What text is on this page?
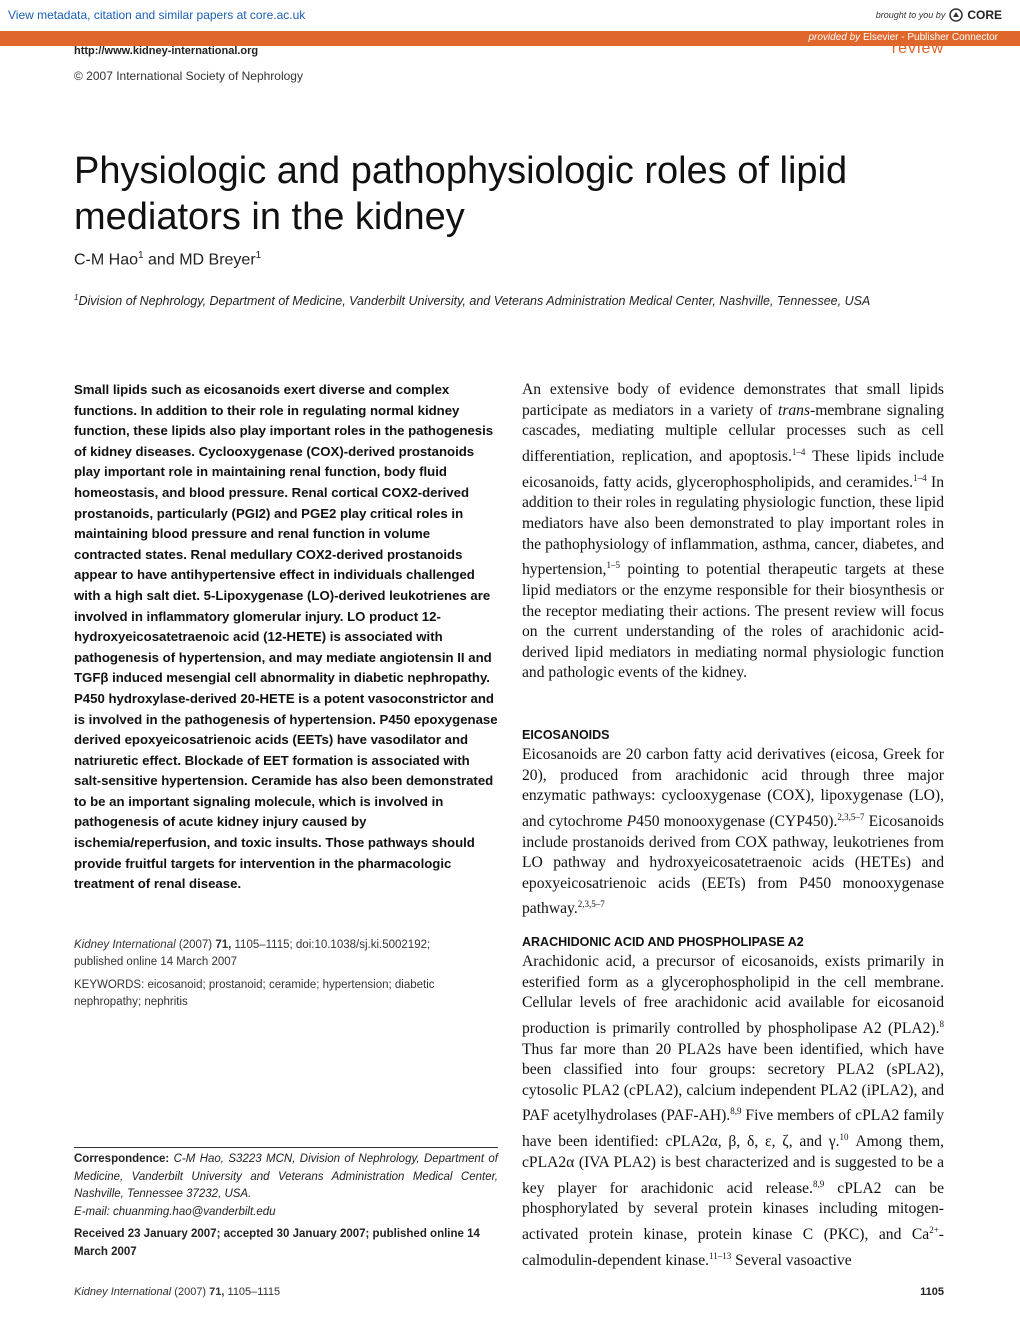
View metadata, citation and similar papers at core.ac.uk	brought to you by CORE
provided by Elsevier - Publisher Connector
http://www.kidney-international.org	review
© 2007 International Society of Nephrology
Physiologic and pathophysiologic roles of lipid mediators in the kidney
C-M Hao$^1$ and MD Breyer$^1$
$^1$Division of Nephrology, Department of Medicine, Vanderbilt University, and Veterans Administration Medical Center, Nashville, Tennessee, USA

Small lipids such as eicosanoids exert diverse and complex functions. In addition to their role in regulating normal kidney function, these lipids also play important roles in the pathogenesis of kidney diseases. Cyclooxygenase (COX)-derived prostanoids play important role in maintaining renal function, body fluid homeostasis, and blood pressure. Renal cortical COX2-derived prostanoids, particularly (PGI2) and PGE2 play critical roles in maintaining blood pressure and renal function in volume contracted states. Renal medullary COX2-derived prostanoids appear to have antihypertensive effect in individuals challenged with a high salt diet. 5-Lipoxygenase (LO)-derived leukotrienes are involved in inflammatory glomerular injury. LO product 12-hydroxyeicosatetraenoic acid (12-HETE) is associated with pathogenesis of hypertension, and may mediate angiotensin II and TGFβ induced mesengial cell abnormality in diabetic nephropathy. P450 hydroxylase-derived 20-HETE is a potent vasoconstrictor and is involved in the pathogenesis of hypertension. P450 epoxygenase derived epoxyeicosatrienoic acids (EETs) have vasodilator and natriuretic effect. Blockade of EET formation is associated with salt-sensitive hypertension. Ceramide has also been demonstrated to be an important signaling molecule, which is involved in pathogenesis of acute kidney injury caused by ischemia/reperfusion, and toxic insults. Those pathways should provide fruitful targets for intervention in the pharmacologic treatment of renal disease.

Kidney International (2007) 71, 1105–1115; doi:10.1038/sj.ki.5002192;
published online 14 March 2007
KEYWORDS: eicosanoid; prostanoid; ceramide; hypertension; diabetic nephropathy; nephritis
Correspondence: C-M Hao, S3223 MCN, Division of Nephrology, Department of Medicine, Vanderbilt University and Veterans Administration Medical Center, Nashville, Tennessee 37232, USA.
E-mail: chuanming.hao@vanderbilt.edu
Received 23 January 2007; accepted 30 January 2007; published online 14 March 2007

An extensive body of evidence demonstrates that small lipids participate as mediators in a variety of trans-membrane signaling cascades, mediating multiple cellular processes such as cell differentiation, replication, and apoptosis.$^{1-4}$ These lipids include eicosanoids, fatty acids, glycerophospholipids, and ceramides.$^{1-4}$ In addition to their roles in regulating physiologic function, these lipid mediators have also been demonstrated to play important roles in the pathophysiology of inflammation, asthma, cancer, diabetes, and hypertension,$^{1-5}$ pointing to potential therapeutic targets at these lipid mediators or the enzyme responsible for their biosynthesis or the receptor mediating their actions. The present review will focus on the current understanding of the roles of arachidonic acid-derived lipid mediators in mediating normal physiologic function and pathologic events of the kidney.

EICOSANOIDS

Eicosanoids are 20 carbon fatty acid derivatives (eicosa, Greek for 20), produced from arachidonic acid through three major enzymatic pathways: cyclooxygenase (COX), lipoxygenase (LO), and cytochrome P450 monooxygenase (CYP450).$^{2,3,5-7}$ Eicosanoids include prostanoids derived from COX pathway, leukotrienes from LO pathway and hydroxyeicosatetraenoic acids (HETEs) and epoxyeicosatrienoic acids (EETs) from P450 monooxygenase pathway.$^{2,3,5-7}$

ARACHIDONIC ACID AND PHOSPHOLIPASE A2

Arachidonic acid, a precursor of eicosanoids, exists primarily in esterified form as a glycerophospholipid in the cell membrane. Cellular levels of free arachidonic acid available for eicosanoid production is primarily controlled by phospholipase A2 (PLA2).$^8$ Thus far more than 20 PLA2s have been identified, which have been classified into four groups: secretory PLA2 (sPLA2), cytosolic PLA2 (cPLA2), calcium independent PLA2 (iPLA2), and PAF acetylhydrolases (PAF-AH).$^{8,9}$ Five members of cPLA2 family have been identified: cPLA2α, β, δ, ε, ζ, and γ.$^{10}$ Among them, cPLA2α (IVA PLA2) is best characterized and is suggested to be a key player for arachidonic acid release.$^{8,9}$ cPLA2 can be phosphorylated by several protein kinases including mitogen-activated protein kinase, protein kinase C (PKC), and $Ca^{2+}-calmodulin$-dependent kinase.$^{11-13}$ Several vasoactive

Kidney International (2007) 71, 1105–1115	1105
